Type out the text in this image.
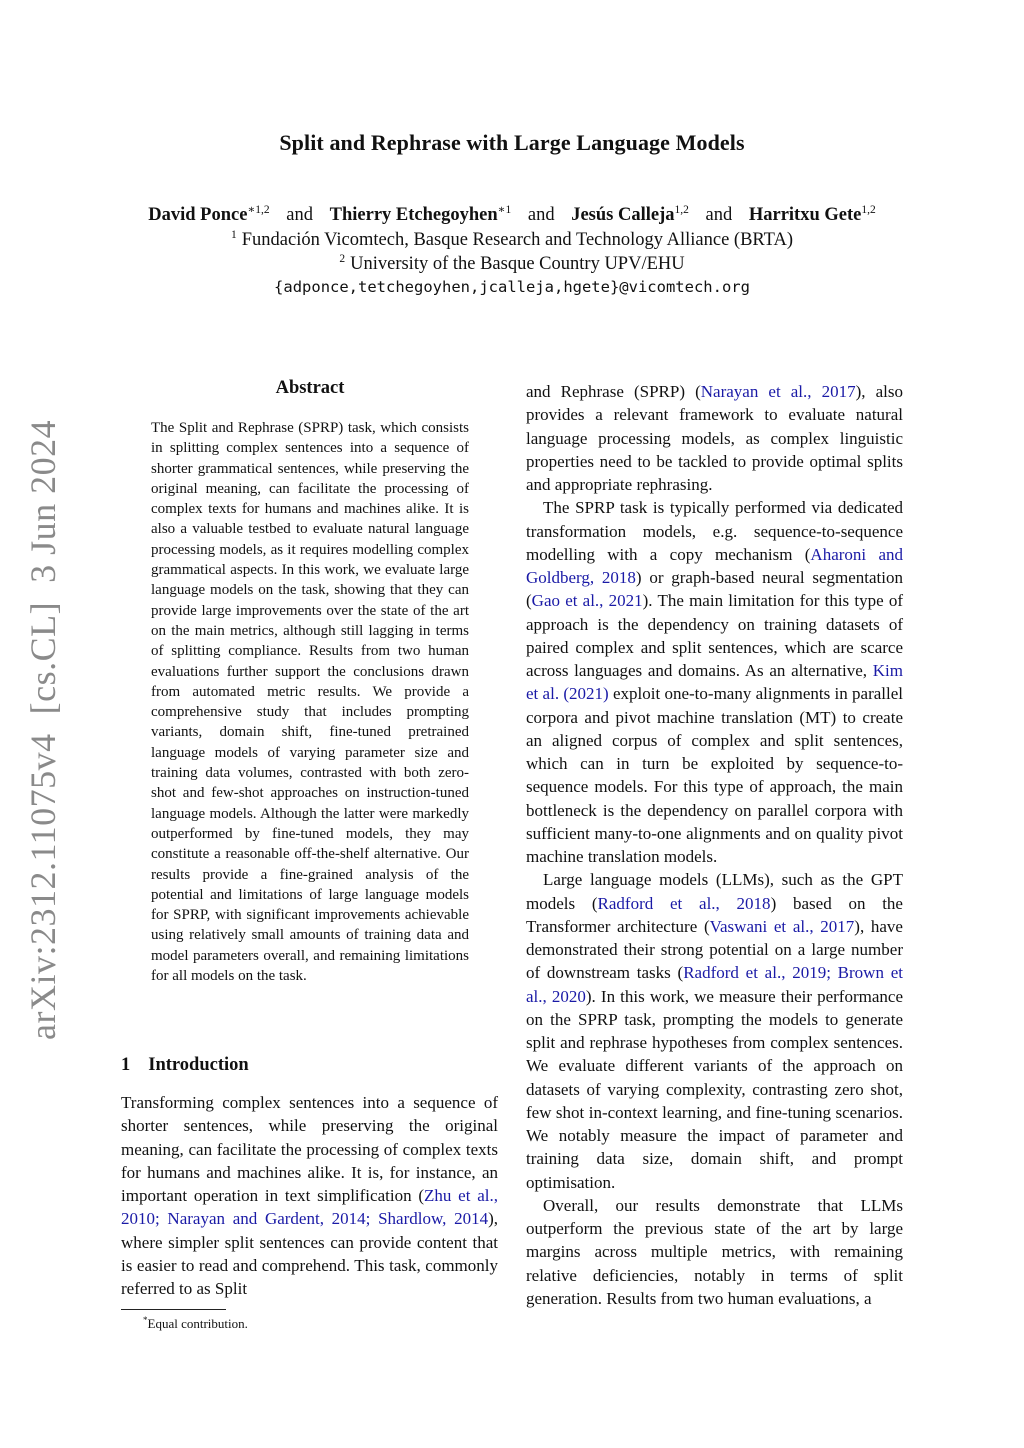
Split and Rephrase with Large Language Models
David Ponce$^{∗1,2}$ and Thierry Etchegoyhen$^{∗1}$ and Jesús Calleja$^{1,2}$ and Harritxu Gete$^{1,2}$
$^1$ Fundación Vicomtech, Basque Research and Technology Alliance (BRTA)
$^2$ University of the Basque Country UPV/EHU
{adponce,tetchegoyhen,jcalleja,hgete}@vicomtech.org
arXiv:2312.11075v4  [cs.CL]  3 Jun 2024
Abstract
The Split and Rephrase (SPRP) task, which consists in splitting complex sentences into a sequence of shorter grammatical sentences, while preserving the original meaning, can facilitate the processing of complex texts for humans and machines alike. It is also a valuable testbed to evaluate natural language processing models, as it requires modelling complex grammatical aspects. In this work, we evaluate large language models on the task, showing that they can provide large improvements over the state of the art on the main metrics, although still lagging in terms of splitting compliance. Results from two human evaluations further support the conclusions drawn from automated metric results. We provide a comprehensive study that includes prompting variants, domain shift, fine-tuned pretrained language models of varying parameter size and training data volumes, contrasted with both zero-shot and few-shot approaches on instruction-tuned language models. Although the latter were markedly outperformed by fine-tuned models, they may constitute a reasonable off-the-shelf alternative. Our results provide a fine-grained analysis of the potential and limitations of large language models for SPRP, with significant improvements achievable using relatively small amounts of training data and model parameters overall, and remaining limitations for all models on the task.
1 Introduction

Transforming complex sentences into a sequence of shorter sentences, while preserving the original meaning, can facilitate the processing of complex texts for humans and machines alike. It is, for instance, an important operation in text simplification (Zhu et al., 2010; Narayan and Gardent, 2014; Shardlow, 2014), where simpler split sentences can provide content that is easier to read and comprehend. This task, commonly referred to as Split

and Rephrase (SPRP) (Narayan et al., 2017), also provides a relevant framework to evaluate natural language processing models, as complex linguistic properties need to be tackled to provide optimal splits and appropriate rephrasing.

The SPRP task is typically performed via dedicated transformation models, e.g. sequence-to-sequence modelling with a copy mechanism (Aharoni and Goldberg, 2018) or graph-based neural segmentation (Gao et al., 2021). The main limitation for this type of approach is the dependency on training datasets of paired complex and split sentences, which are scarce across languages and domains. As an alternative, Kim et al. (2021) exploit one-to-many alignments in parallel corpora and pivot machine translation (MT) to create an aligned corpus of complex and split sentences, which can in turn be exploited by sequence-to-sequence models. For this type of approach, the main bottleneck is the dependency on parallel corpora with sufficient many-to-one alignments and on quality pivot machine translation models.

Large language models (LLMs), such as the GPT models (Radford et al., 2018) based on the Transformer architecture (Vaswani et al., 2017), have demonstrated their strong potential on a large number of downstream tasks (Radford et al., 2019; Brown et al., 2020). In this work, we measure their performance on the SPRP task, prompting the models to generate split and rephrase hypotheses from complex sentences. We evaluate different variants of the approach on datasets of varying complexity, contrasting zero shot, few shot in-context learning, and fine-tuning scenarios. We notably measure the impact of parameter and training data size, domain shift, and prompt optimisation.

Overall, our results demonstrate that LLMs outperform the previous state of the art by large margins across multiple metrics, with remaining relative deficiencies, notably in terms of split generation. Results from two human evaluations, a

*Equal contribution.
